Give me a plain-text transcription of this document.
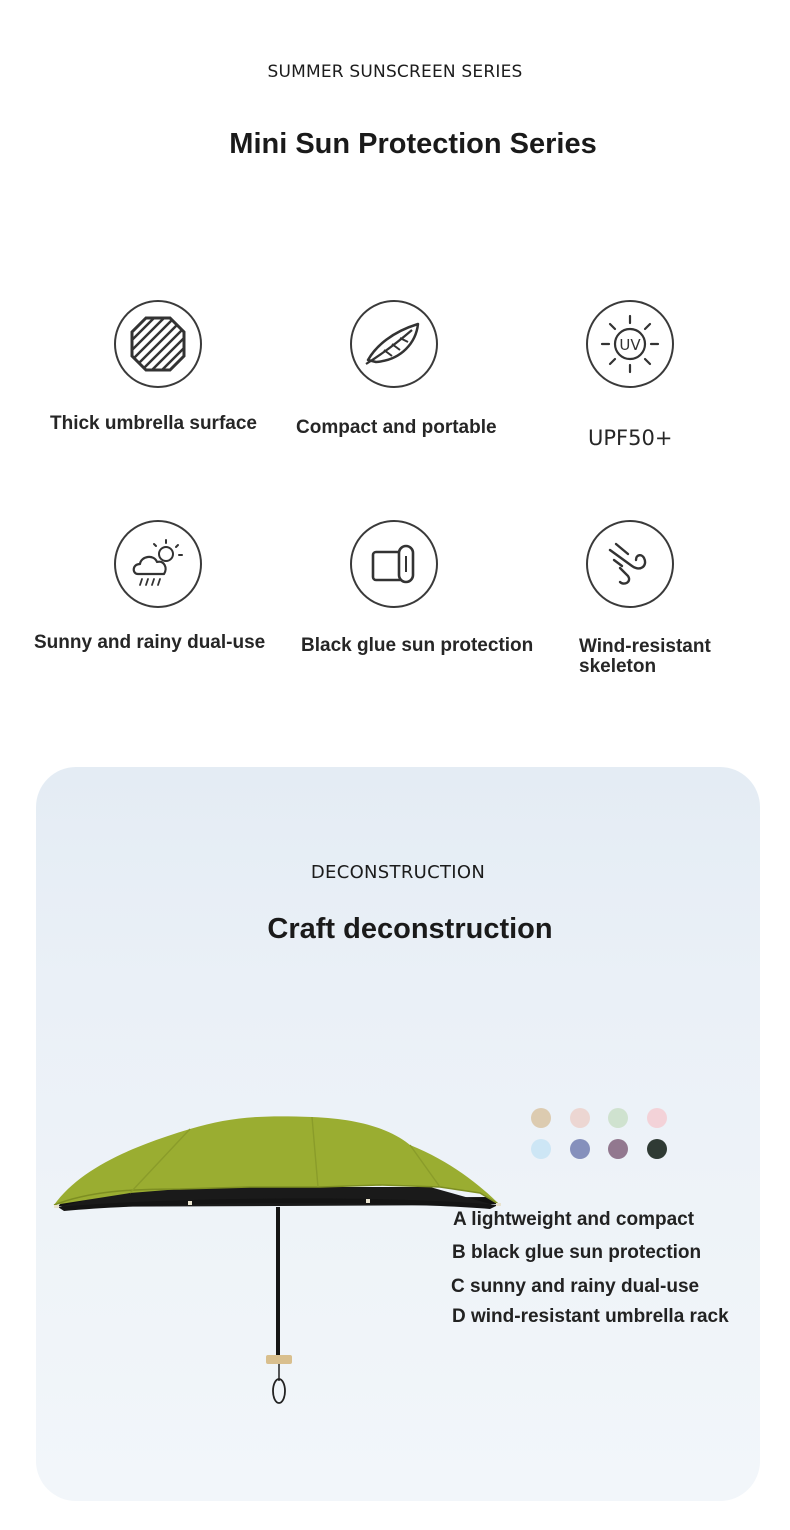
SUMMER SUNSCREEN SERIES
Mini Sun Protection Series
Thick umbrella surface Compact and portable
UV
UPF50+
Sunny and rainy dual-use Black glue sun protection Wind-resistant
skeleton
DECONSTRUCTION
Craft deconstruction
A lightweight and compact
B black glue sun protection
C sunny and rainy dual-use
D wind-resistant umbrella rack
